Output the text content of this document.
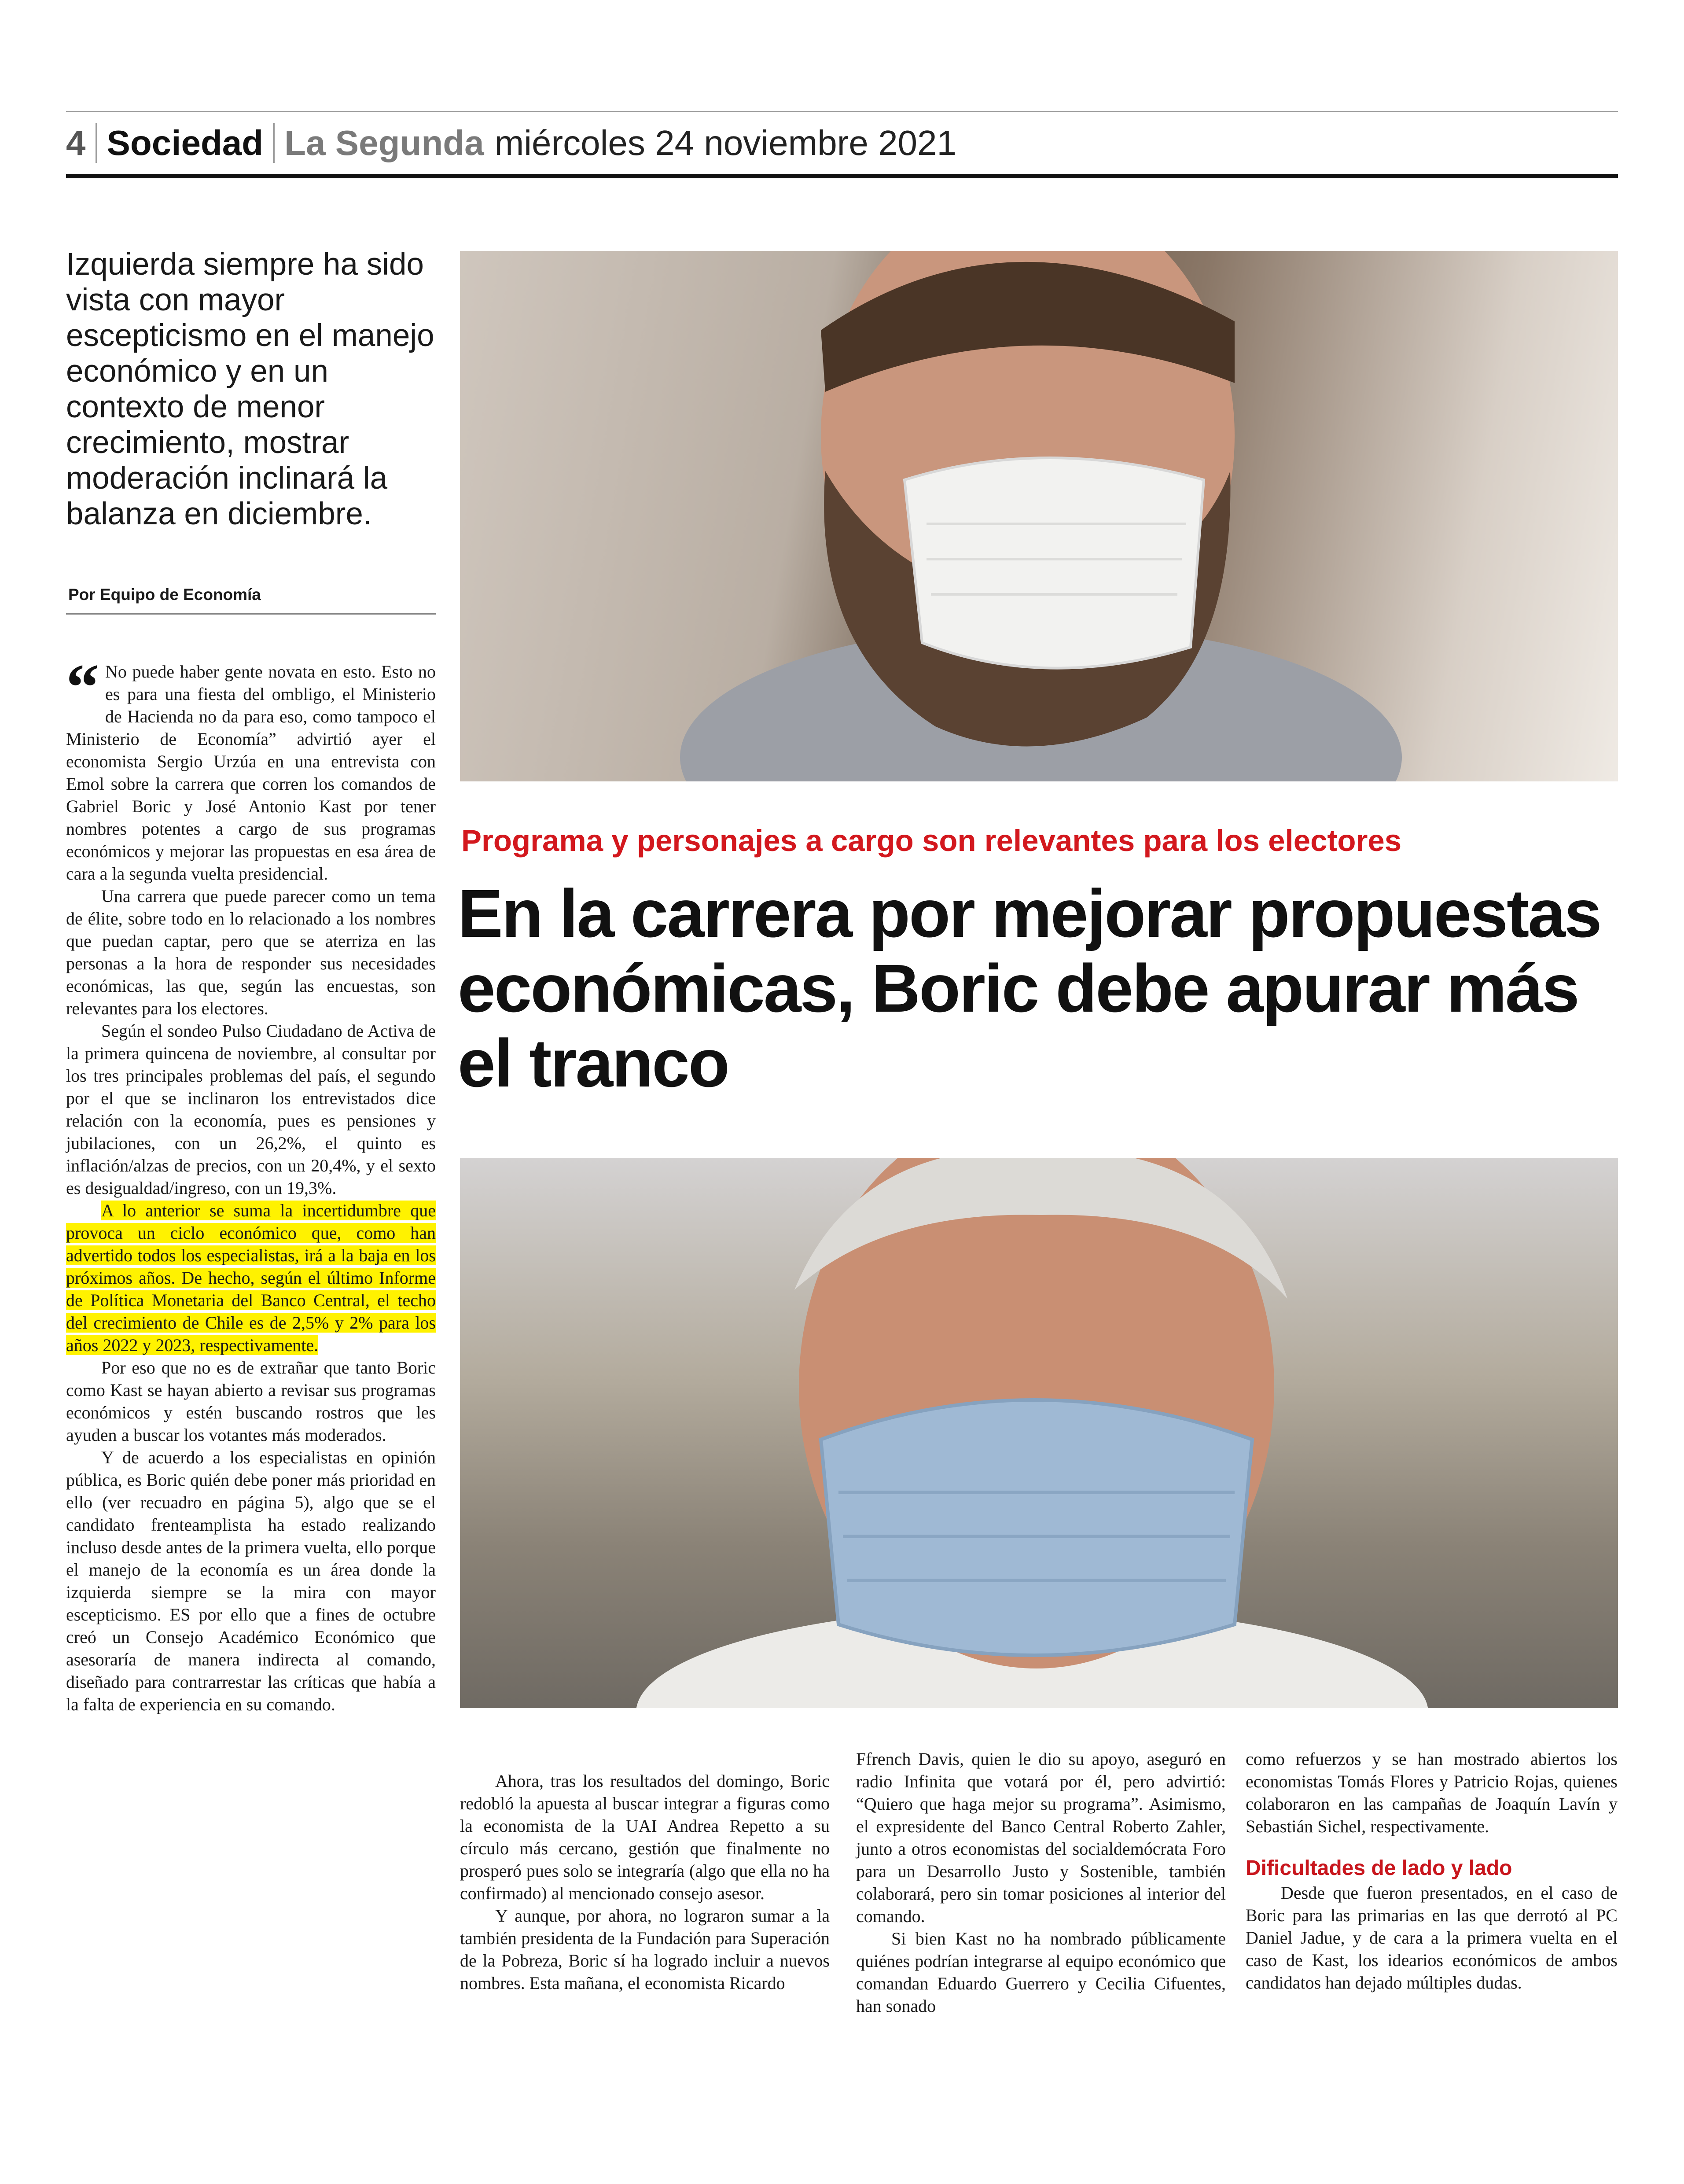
4 Sociedad La Segunda miércoles 24 noviembre 2021
Izquierda siempre ha sido vista con mayor escepticismo en el manejo económico y en un contexto de menor crecimiento, mostrar moderación inclinará la balanza en diciembre.
Por Equipo de Economía
Programa y personajes a cargo son relevantes para los electores
En la carrera por mejorar propuestas económicas, Boric debe apurar más el tranco
“ No puede haber gente novata en esto. Esto no es para una fiesta del ombligo, el Ministerio de Hacienda no da para eso, como tampoco el Ministerio de Economía” advirtió ayer el economista Sergio Urzúa en una entrevista con Emol sobre la carrera que corren los comandos de Gabriel Boric y José Antonio Kast por tener nombres potentes a cargo de sus programas económicos y mejorar las propuestas en esa área de cara a la segunda vuelta presidencial.

Una carrera que puede parecer como un tema de élite, sobre todo en lo relacionado a los nombres que puedan captar, pero que se aterriza en las personas a la hora de responder sus necesidades económicas, las que, según las encuestas, son relevantes para los electores.

Según el sondeo Pulso Ciudadano de Activa de la primera quincena de noviembre, al consultar por los tres principales problemas del país, el segundo por el que se inclinaron los entrevistados dice relación con la economía, pues es pensiones y jubilaciones, con un 26,2%, el quinto es inflación/alzas de precios, con un 20,4%, y el sexto es desigualdad/ingreso, con un 19,3%.

A lo anterior se suma la incertidumbre que provoca un ciclo económico que, como han advertido todos los especialistas, irá a la baja en los próximos años. De hecho, según el último Informe de Política Monetaria del Banco Central, el techo del crecimiento de Chile es de 2,5% y 2% para los años 2022 y 2023, respectivamente.

Por eso que no es de extrañar que tanto Boric como Kast se hayan abierto a revisar sus programas económicos y estén buscando rostros que les ayuden a buscar los votantes más moderados.

Y de acuerdo a los especialistas en opinión pública, es Boric quién debe poner más prioridad en ello (ver recuadro en página 5), algo que se el candidato frenteamplista ha estado realizando incluso desde antes de la primera vuelta, ello porque el manejo de la economía es un área donde la izquierda siempre se la mira con mayor escepticismo. ES por ello que a fines de octubre creó un Consejo Académico Económico que asesoraría de manera indirecta al comando, diseñado para contrarrestar las críticas que había a la falta de experiencia en su comando.

Ahora, tras los resultados del domingo, Boric redobló la apuesta al buscar integrar a figuras como la economista de la UAI Andrea Repetto a su círculo más cercano, gestión que finalmente no prosperó pues solo se integraría (algo que ella no ha confirmado) al mencionado consejo asesor.

Y aunque, por ahora, no lograron sumar a la también presidenta de la Fundación para Superación de la Pobreza, Boric sí ha logrado incluir a nuevos nombres. Esta mañana, el economista Ricardo

Ffrench Davis, quien le dio su apoyo, aseguró en radio Infinita que votará por él, pero advirtió: “Quiero que haga mejor su programa”. Asimismo, el expresidente del Banco Central Roberto Zahler, junto a otros economistas del socialdemócrata Foro para un Desarrollo Justo y Sostenible, también colaborará, pero sin tomar posiciones al interior del comando.

Si bien Kast no ha nombrado públicamente quiénes podrían integrarse al equipo económico que comandan Eduardo Guerrero y Cecilia Cifuentes, han sonado

como refuerzos y se han mostrado abiertos los economistas Tomás Flores y Patricio Rojas, quienes colaboraron en las campañas de Joaquín Lavín y Sebastián Sichel, respectivamente.

Dificultades de lado y lado

Desde que fueron presentados, en el caso de Boric para las primarias en las que derrotó al PC Daniel Jadue, y de cara a la primera vuelta en el caso de Kast, los idearios económicos de ambos candidatos han dejado múltiples dudas.
